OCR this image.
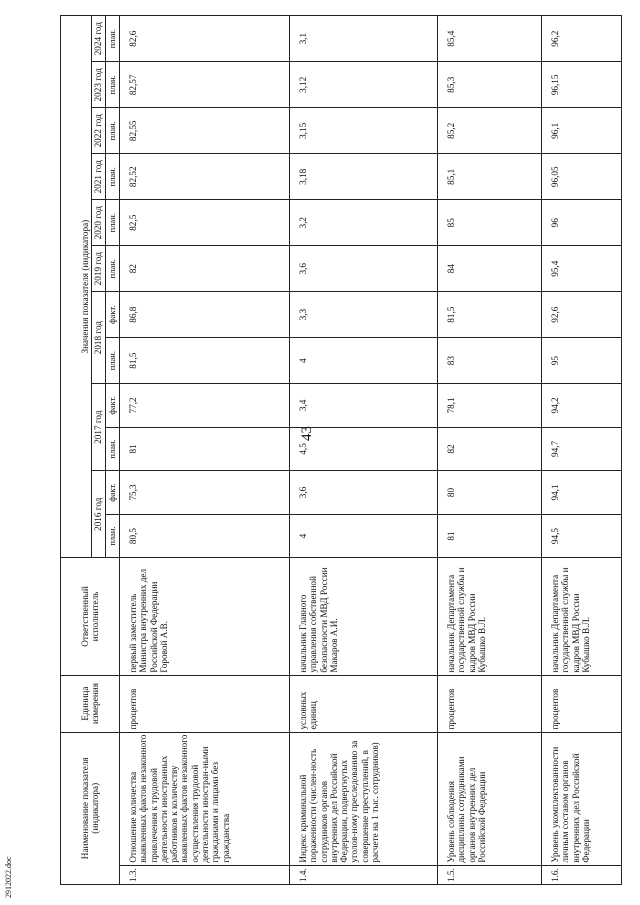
43
2912022.doc
Наименование показателя (индикатора)		Единица измерения	Ответственный исполнитель	Значения показателя (индикатора)											
				2016 год		2017 год		2018 год		2019 год	2020 год	2021 год	2022 год	2023 год	2024 год
				план.	факт.	план.	факт.	план.	факт.						
										план.	план.	план.	план.	план.	план.
1.3.	Отношение количества выявленных фактов незаконного привлечения к трудовой деятельности иностранных работников к количеству выявленных фактов незаконного осуществления трудовой деятельности иностран-ными гражданами и лицами без гражданства	процентов	первый заместитель Министра внутренних дел Российской Федерации Горовой А.В.	80,5	75,3	81	77,2	81,5	86,8	82	82,5	82,52	82,55	82,57	82,6
1.4.	Индекс криминальной пораженности (числен-ность сотрудников органов внутренних дел Российской Федерации, подвергнутых уголов-ному преследованию за совершение преступлений, в расчете на 1 тыс. сотрудников)	условных единиц	начальник Главного управления собственной безопасности МВД России Макаров А.И.	4	3,6	4,5	3,4	4	3,3	3,6	3,2	3,18	3,15	3,12	3,1
1.5.	Уровень соблюдения дисциплины сотрудниками органов внутренних дел Российской Федерации	процентов	начальник Департамента государственной службы и кадров МВД России Кубышко В.Л.	81	80	82	78,1	83	81,5	84	85	85,1	85,2	85,3	85,4
1.6.	Уровень укомплектованности личным составом органов внутренних дел Российской Федерации	процентов	начальник Департамента государственной службы и кадров МВД России Кубышко В.Л.	94,5	94,1	94,7	94,2	95	92,6	95,4	96	96,05	96,1	96,15	96,2
